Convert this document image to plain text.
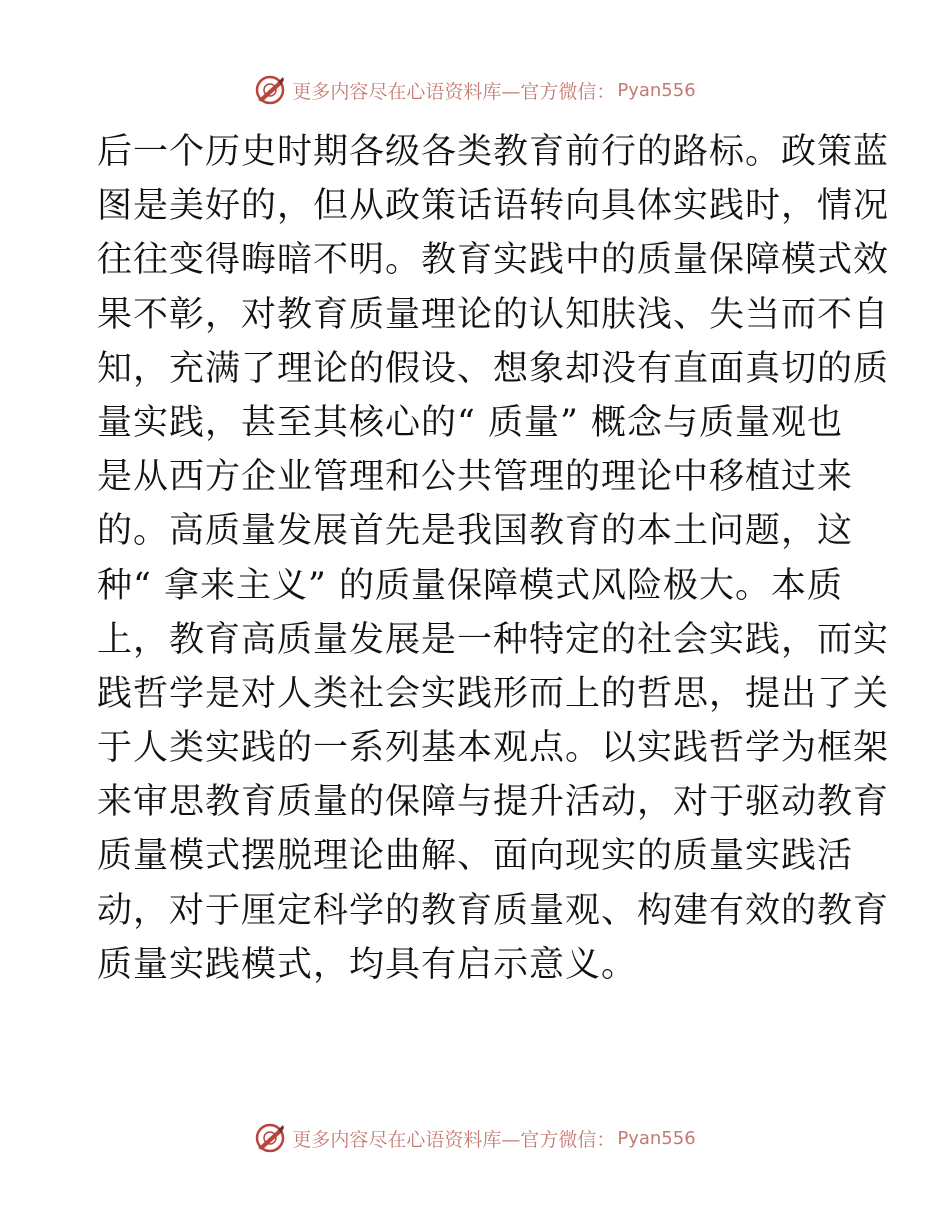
更多内容尽在心语资料库—官方微信： Pyan556
后一个历史时期各级各类教育前行的路标。政策蓝
图是美好的，但从政策话语转向具体实践时，情况
往往变得晦暗不明。教育实践中的质量保障模式效
果不彰，对教育质量理论的认知肤浅、失当而不自
知，充满了理论的假设、想象却没有直面真切的质
量实践，甚至其核心的“ 质量” 概念与质量观也
是从西方企业管理和公共管理的理论中移植过来
的。高质量发展首先是我国教育的本土问题，这
种“ 拿来主义” 的质量保障模式风险极大。本质
上，教育高质量发展是一种特定的社会实践，而实
践哲学是对人类社会实践形而上的哲思，提出了关
于人类实践的一系列基本观点。以实践哲学为框架
来审思教育质量的保障与提升活动，对于驱动教育
质量模式摆脱理论曲解、面向现实的质量实践活
动，对于厘定科学的教育质量观、构建有效的教育
质量实践模式，均具有启示意义。
更多内容尽在心语资料库—官方微信： Pyan556
